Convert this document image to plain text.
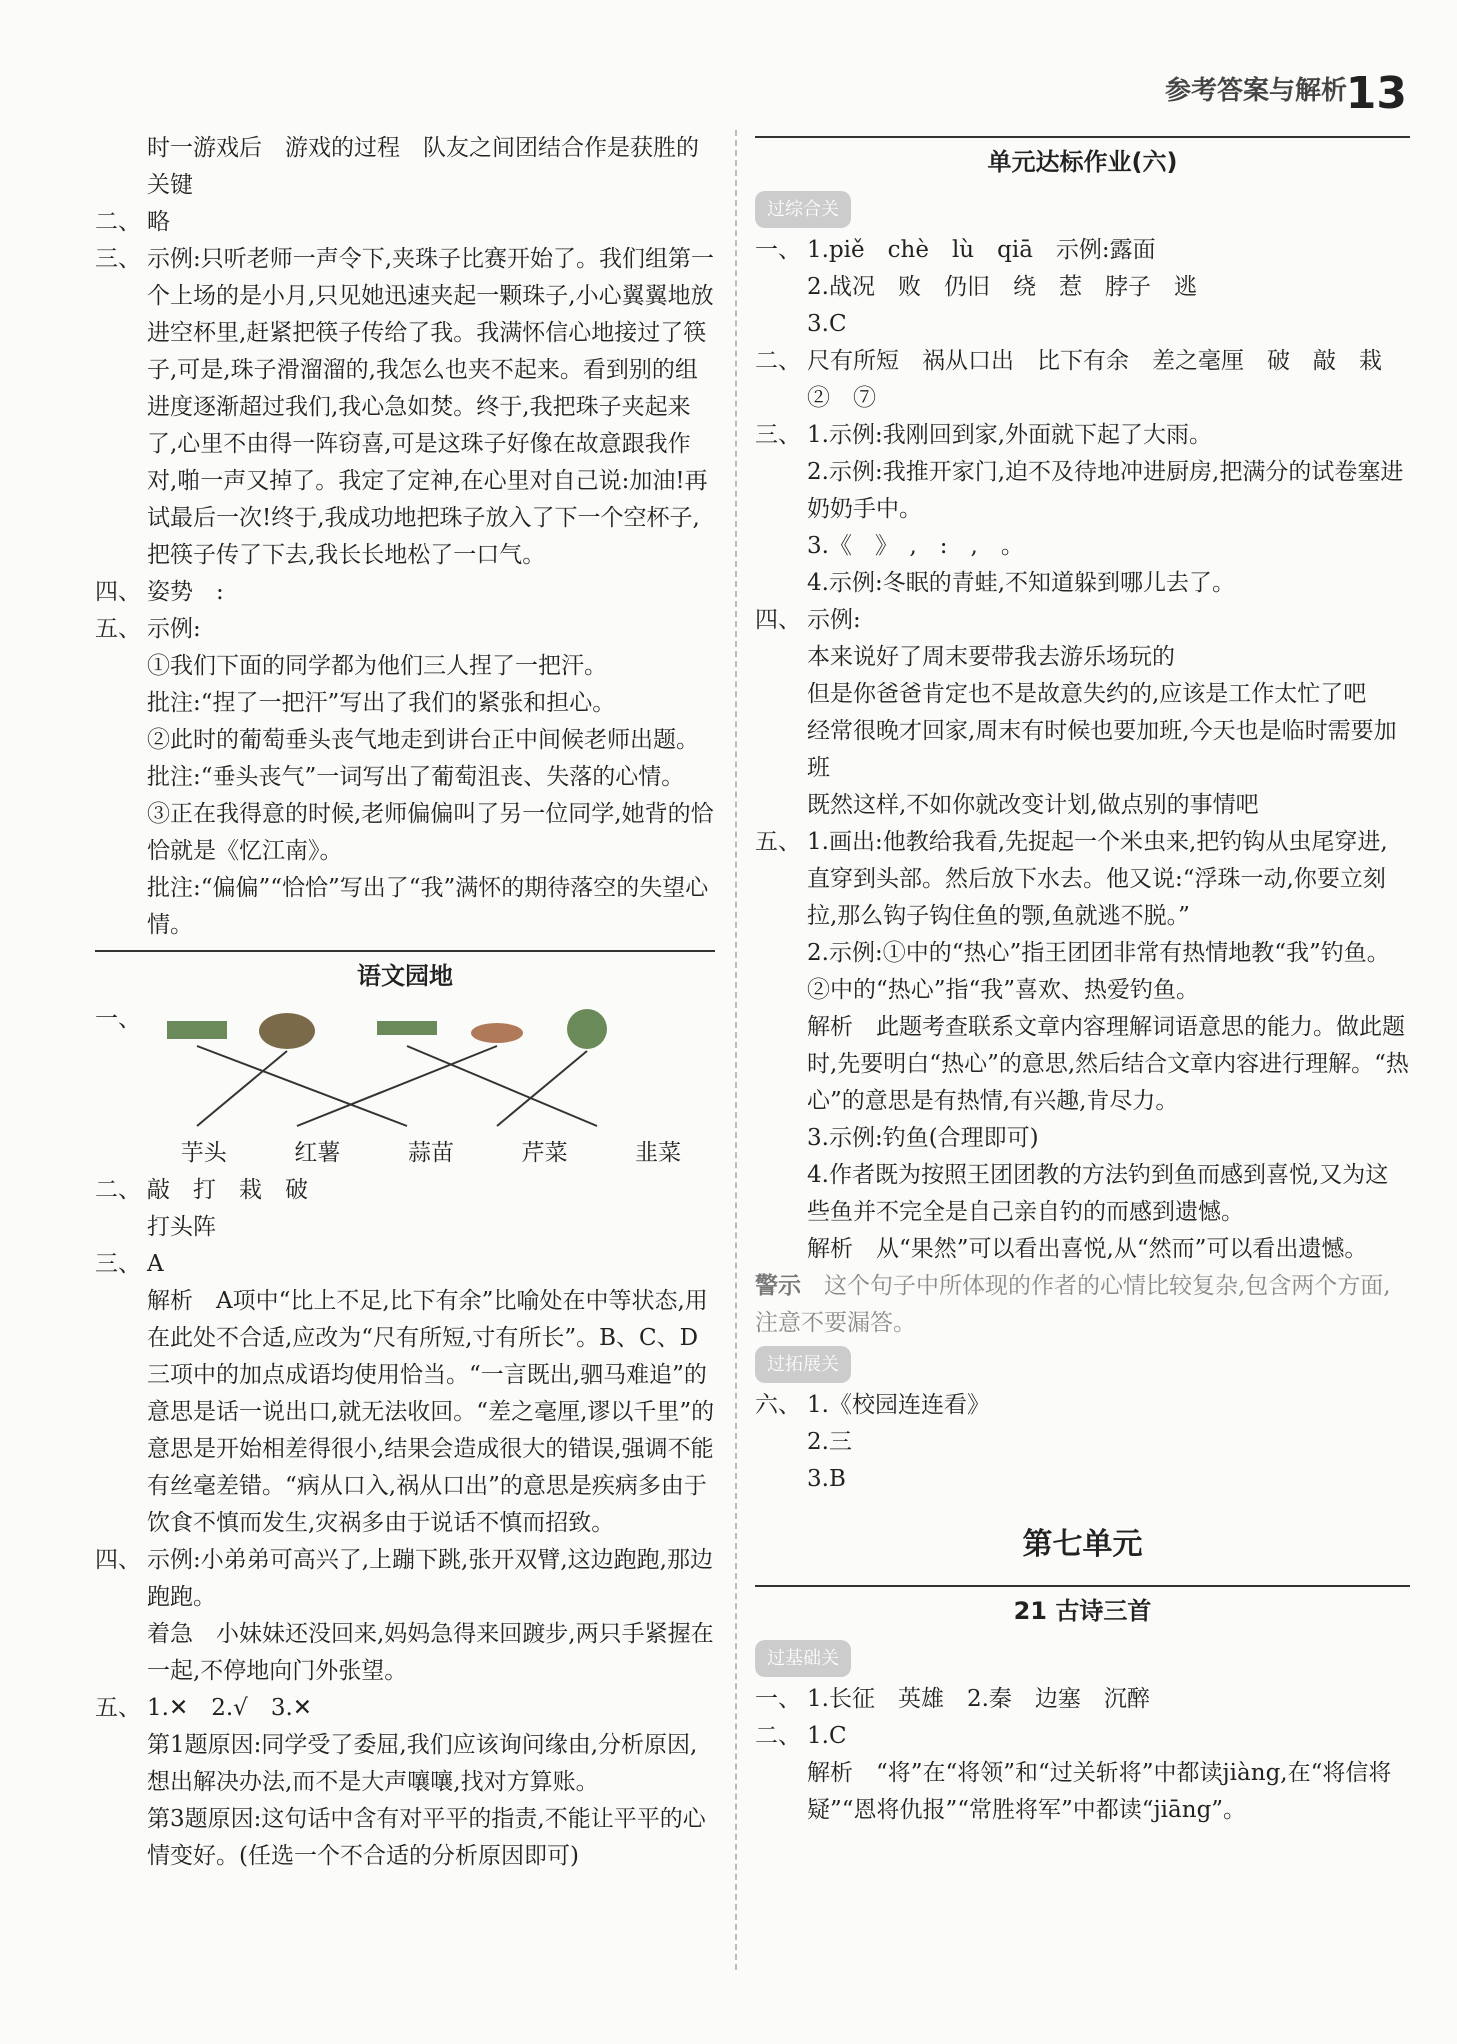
参考答案与解析
13
时一游戏后　游戏的过程　队友之间团结合作是获胜的关键
二、 略
三、 示例:只听老师一声令下,夹珠子比赛开始了。我们组第一个上场的是小月,只见她迅速夹起一颗珠子,小心翼翼地放进空杯里,赶紧把筷子传给了我。我满怀信心地接过了筷子,可是,珠子滑溜溜的,我怎么也夹不起来。看到别的组进度逐渐超过我们,我心急如焚。终于,我把珠子夹起来了,心里不由得一阵窃喜,可是这珠子好像在故意跟我作对,啪一声又掉了。我定了定神,在心里对自己说:加油!再试最后一次!终于,我成功地把珠子放入了下一个空杯子,把筷子传了下去,我长长地松了一口气。
四、 姿势　:
五、 示例:
①我们下面的同学都为他们三人捏了一把汗。
批注:“捏了一把汗”写出了我们的紧张和担心。
②此时的葡萄垂头丧气地走到讲台正中间候老师出题。
批注:“垂头丧气”一词写出了葡萄沮丧、失落的心情。
③正在我得意的时候,老师偏偏叫了另一位同学,她背的恰恰就是《忆江南》。
批注:“偏偏”“恰恰”写出了“我”满怀的期待落空的失望心情。
语文园地
一、
芋头	红薯	蒜苗	芹菜	韭菜
二、 敲　打　栽　破
打头阵
三、 A
解析　A项中“比上不足,比下有余”比喻处在中等状态,用在此处不合适,应改为“尺有所短,寸有所长”。B、C、D三项中的加点成语均使用恰当。“一言既出,驷马难追”的意思是话一说出口,就无法收回。“差之毫厘,谬以千里”的意思是开始相差得很小,结果会造成很大的错误,强调不能有丝毫差错。“病从口入,祸从口出”的意思是疾病多由于饮食不慎而发生,灾祸多由于说话不慎而招致。
四、 示例:小弟弟可高兴了,上蹦下跳,张开双臂,这边跑跑,那边跑跑。
着急　小妹妹还没回来,妈妈急得来回踱步,两只手紧握在一起,不停地向门外张望。
五、 1.✕　2.√　3.✕
第1题原因:同学受了委屈,我们应该询问缘由,分析原因,想出解决办法,而不是大声嚷嚷,找对方算账。
第3题原因:这句话中含有对平平的指责,不能让平平的心情变好。(任选一个不合适的分析原因即可)
单元达标作业(六)
过综合关
一、 1.piě　chè　lù　qiā　示例:露面
2.战况　败　仍旧　绕　惹　脖子　逃
3.C
二、 尺有所短　祸从口出　比下有余　差之毫厘　破　敲　栽　②　⑦
三、 1.示例:我刚回到家,外面就下起了大雨。
2.示例:我推开家门,迫不及待地冲进厨房,把满分的试卷塞进奶奶手中。
3.《　》　,　:　,　。
4.示例:冬眠的青蛙,不知道躲到哪儿去了。
四、 示例:
本来说好了周末要带我去游乐场玩的
但是你爸爸肯定也不是故意失约的,应该是工作太忙了吧
经常很晚才回家,周末有时候也要加班,今天也是临时需要加班
既然这样,不如你就改变计划,做点别的事情吧
五、 1.画出:他教给我看,先捉起一个米虫来,把钓钩从虫尾穿进,直穿到头部。然后放下水去。他又说:“浮珠一动,你要立刻拉,那么钩子钩住鱼的颚,鱼就逃不脱。”
2.示例:①中的“热心”指王团团非常有热情地教“我”钓鱼。②中的“热心”指“我”喜欢、热爱钓鱼。
解析　此题考查联系文章内容理解词语意思的能力。做此题时,先要明白“热心”的意思,然后结合文章内容进行理解。“热心”的意思是有热情,有兴趣,肯尽力。
3.示例:钓鱼(合理即可)
4.作者既为按照王团团教的方法钓到鱼而感到喜悦,又为这些鱼并不完全是自己亲自钓的而感到遗憾。
解析　从“果然”可以看出喜悦,从“然而”可以看出遗憾。
警示　 这个句子中所体现的作者的心情比较复杂,包含两个方面,注意不要漏答。
过拓展关
六、 1.《校园连连看》
2.三
3.B
第七单元
21 古诗三首
过基础关
一、 1.长征　英雄　2.秦　边塞　沉醉
二、 1.C
解析　“将”在“将领”和“过关斩将”中都读jiàng,在“将信将疑”“恩将仇报”“常胜将军”中都读“jiāng”。
